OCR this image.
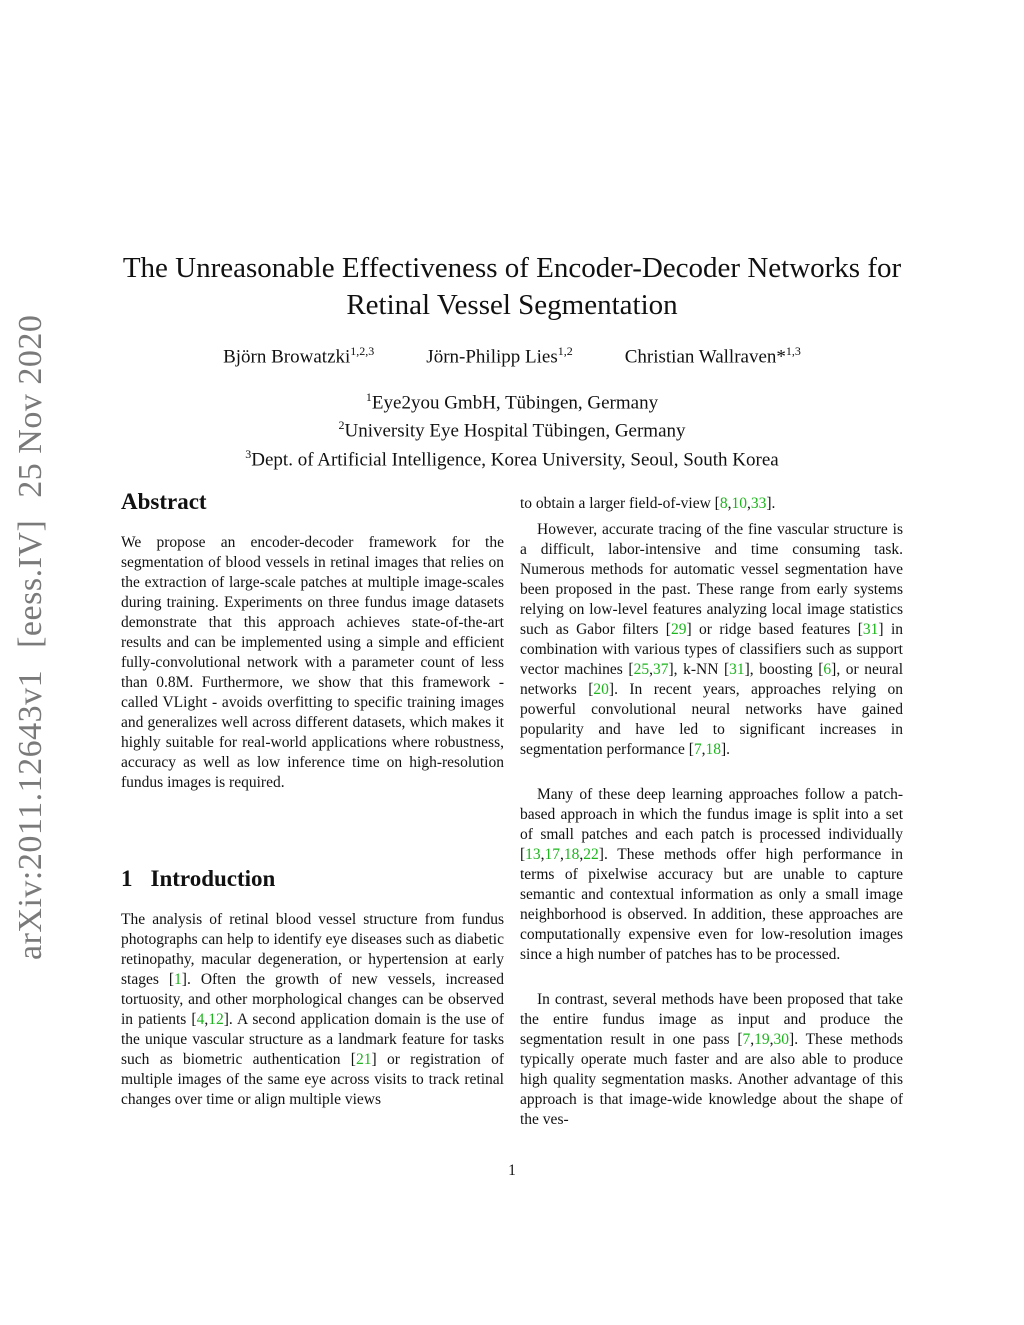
arXiv:2011.12643v1[eess.IV]25 Nov 2020
The Unreasonable Effectiveness of Encoder-Decoder Networks for Retinal Vessel Segmentation
Björn Browatzki$^{1,2,3}$	Jörn-Philipp Lies$^{1,2}$	Christian Wallraven*$^{1,3}$
$^1$Eye2you GmbH, Tübingen, Germany
$^2$University Eye Hospital Tübingen, Germany
$^3$Dept. of Artificial Intelligence, Korea University, Seoul, South Korea
Abstract

We propose an encoder-decoder framework for the segmentation of blood vessels in retinal images that relies on the extraction of large-scale patches at multiple image-scales during training. Experiments on three fundus image datasets demonstrate that this approach achieves state-of-the-art results and can be implemented using a simple and efficient fully-convolutional network with a parameter count of less than 0.8M. Furthermore, we show that this framework - called VLight - avoids overfitting to specific training images and generalizes well across different datasets, which makes it highly suitable for real-world applications where robustness, accuracy as well as low inference time on high-resolution fundus images is required.

1 Introduction

The analysis of retinal blood vessel structure from fundus photographs can help to identify eye diseases such as diabetic retinopathy, macular degeneration, or hypertension at early stages [1]. Often the growth of new vessels, increased tortuosity, and other morphological changes can be observed in patients [4,12]. A second application domain is the use of the unique vascular structure as a landmark feature for tasks such as biometric authentication [21] or registration of multiple images of the same eye across visits to track retinal changes over time or align multiple views

to obtain a larger field-of-view [8,10,33].

However, accurate tracing of the fine vascular structure is a difficult, labor-intensive and time consuming task. Numerous methods for automatic vessel segmentation have been proposed in the past. These range from early systems relying on low-level features analyzing local image statistics such as Gabor filters [29] or ridge based features [31] in combination with various types of classifiers such as support vector machines [25,37], k-NN [31], boosting [6], or neural networks [20]. In recent years, approaches relying on powerful convolutional neural networks have gained popularity and have led to significant increases in segmentation performance [7,18].

Many of these deep learning approaches follow a patch-based approach in which the fundus image is split into a set of small patches and each patch is processed individually [13,17,18,22]. These methods offer high performance in terms of pixelwise accuracy but are unable to capture semantic and contextual information as only a small image neighborhood is observed. In addition, these approaches are computationally expensive even for low-resolution images since a high number of patches has to be processed.

In contrast, several methods have been proposed that take the entire fundus image as input and produce the segmentation result in one pass [7,19,30]. These methods typically operate much faster and are also able to produce high quality segmentation masks. Another advantage of this approach is that image-wide knowledge about the shape of the ves-

1
